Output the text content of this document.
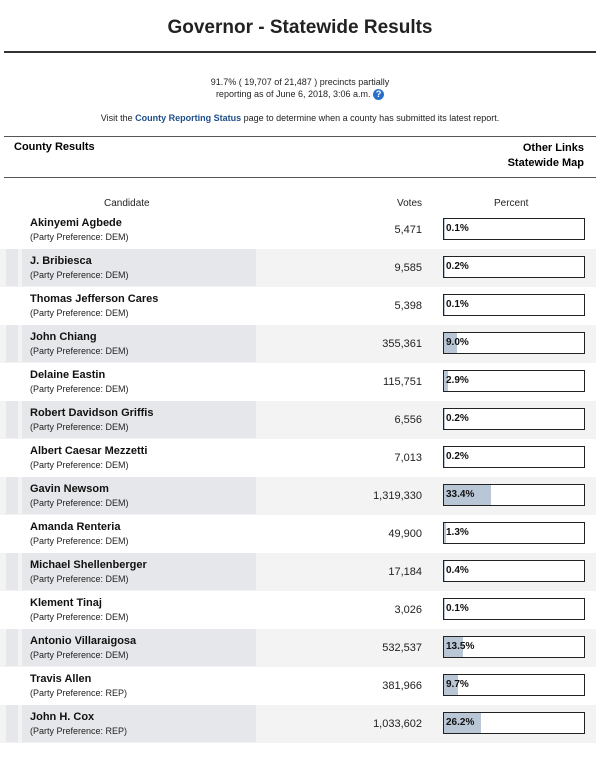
Governor - Statewide Results
91.7% ( 19,707 of 21,487 ) precincts partially
reporting as of June 6, 2018, 3:06 a.m. ?
Visit the County Reporting Status page to determine when a county has submitted its latest report.
County Results	Other Links
Statewide Map
Candidate	Votes	Percent
Akinyemi Agbede
(Party Preference: DEM)
5,471 0.1%
J. Bribiesca
(Party Preference: DEM)
9,585 0.2%
Thomas Jefferson Cares
(Party Preference: DEM)
5,398 0.1%
John Chiang
(Party Preference: DEM)
355,361 9.0%
Delaine Eastin
(Party Preference: DEM)
115,751 2.9%
Robert Davidson Griffis
(Party Preference: DEM)
6,556 0.2%
Albert Caesar Mezzetti
(Party Preference: DEM)
7,013 0.2%
Gavin Newsom
(Party Preference: DEM)
1,319,330 33.4%
Amanda Renteria
(Party Preference: DEM)
49,900 1.3%
Michael Shellenberger
(Party Preference: DEM)
17,184 0.4%
Klement Tinaj
(Party Preference: DEM)
3,026 0.1%
Antonio Villaraigosa
(Party Preference: DEM)
532,537 13.5%
Travis Allen
(Party Preference: REP)
381,966 9.7%
John H. Cox
(Party Preference: REP)
1,033,602 26.2%
